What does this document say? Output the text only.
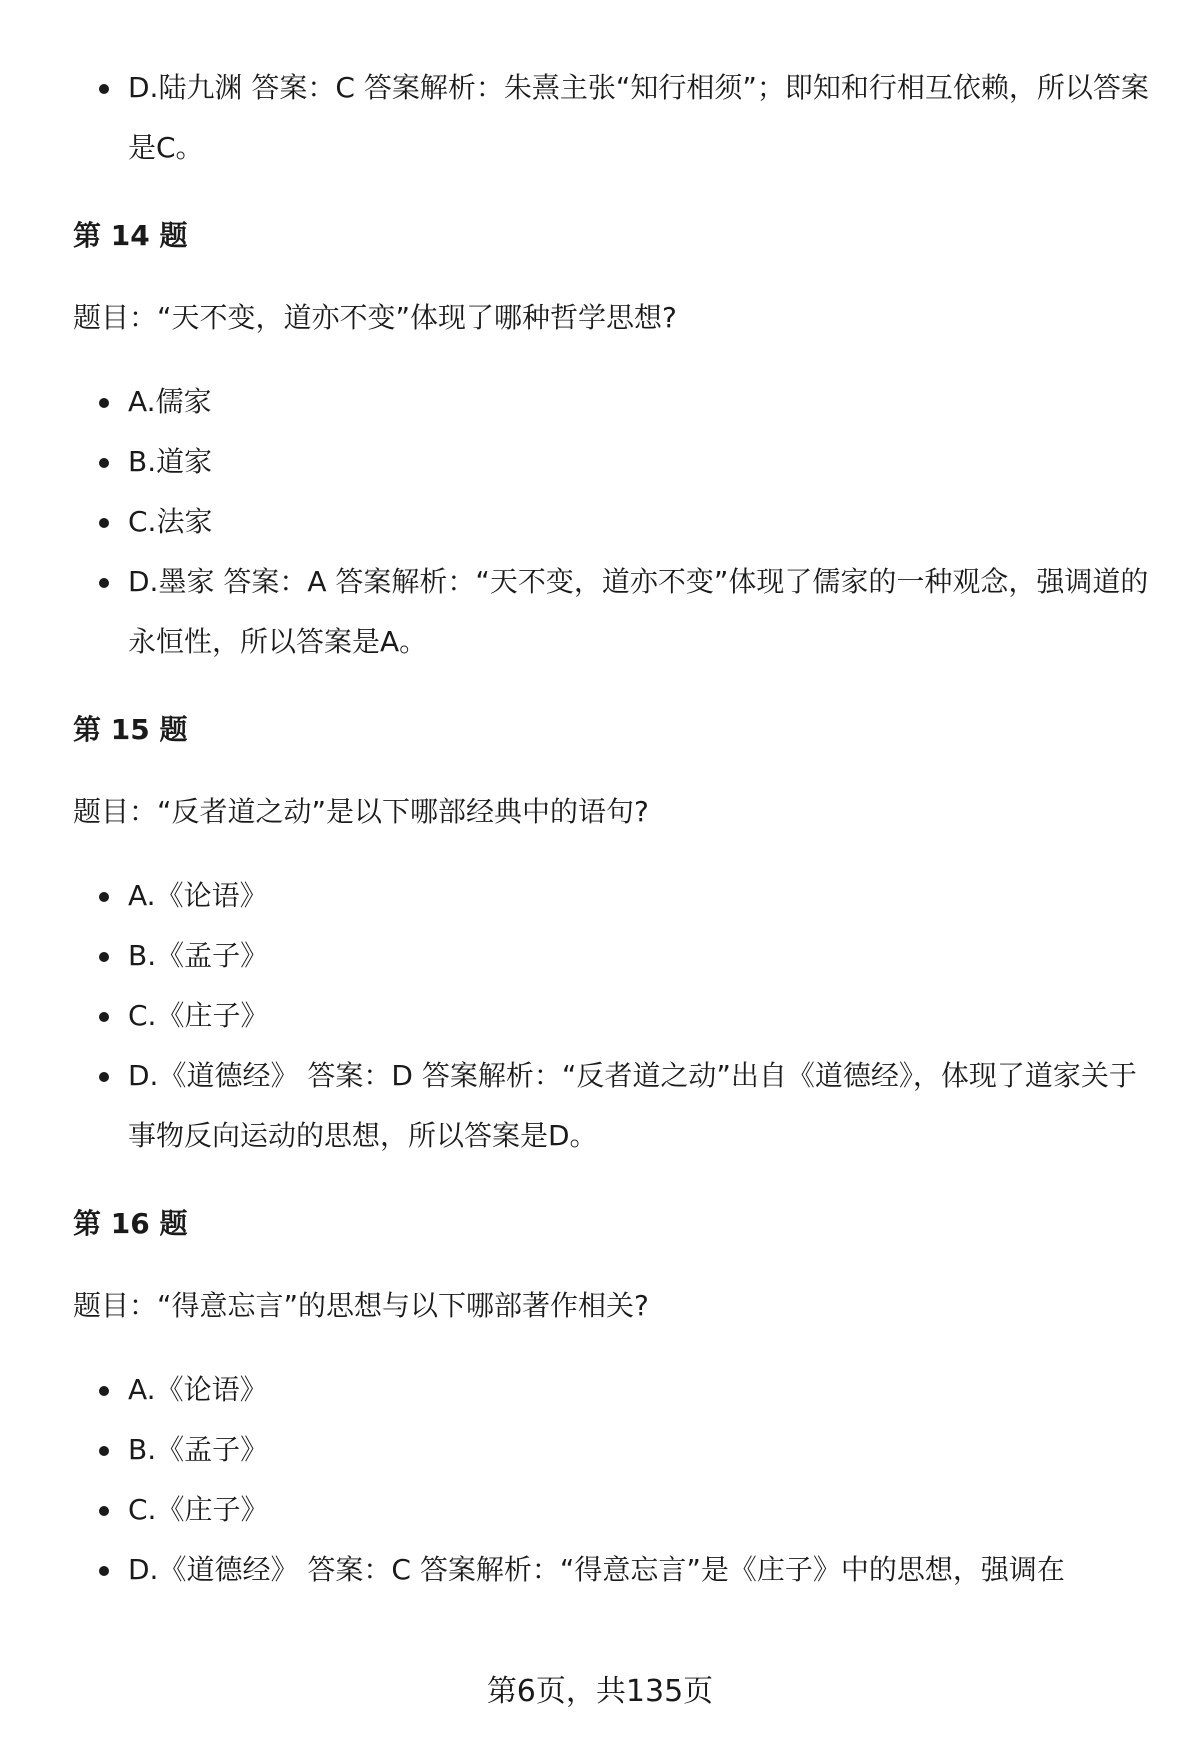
D.陆九渊 答案：C 答案解析：朱熹主张“知行相须”；即知和行相互依赖，所以答案是C。
第 14 题
题目：“天不变，道亦不变”体现了哪种哲学思想?
A.儒家
B.道家
C.法家
D.墨家 答案：A 答案解析：“天不变，道亦不变”体现了儒家的一种观念，强调道的永恒性，所以答案是A。
第 15 题
题目：“反者道之动”是以下哪部经典中的语句?
A.《论语》
B.《孟子》
C.《庄子》
D.《道德经》 答案：D 答案解析：“反者道之动”出自《道德经》，体现了道家关于事物反向运动的思想，所以答案是D。
第 16 题
题目：“得意忘言”的思想与以下哪部著作相关?
A.《论语》
B.《孟子》
C.《庄子》
D.《道德经》 答案：C 答案解析：“得意忘言”是《庄子》中的思想，强调在
第6页，共135页
